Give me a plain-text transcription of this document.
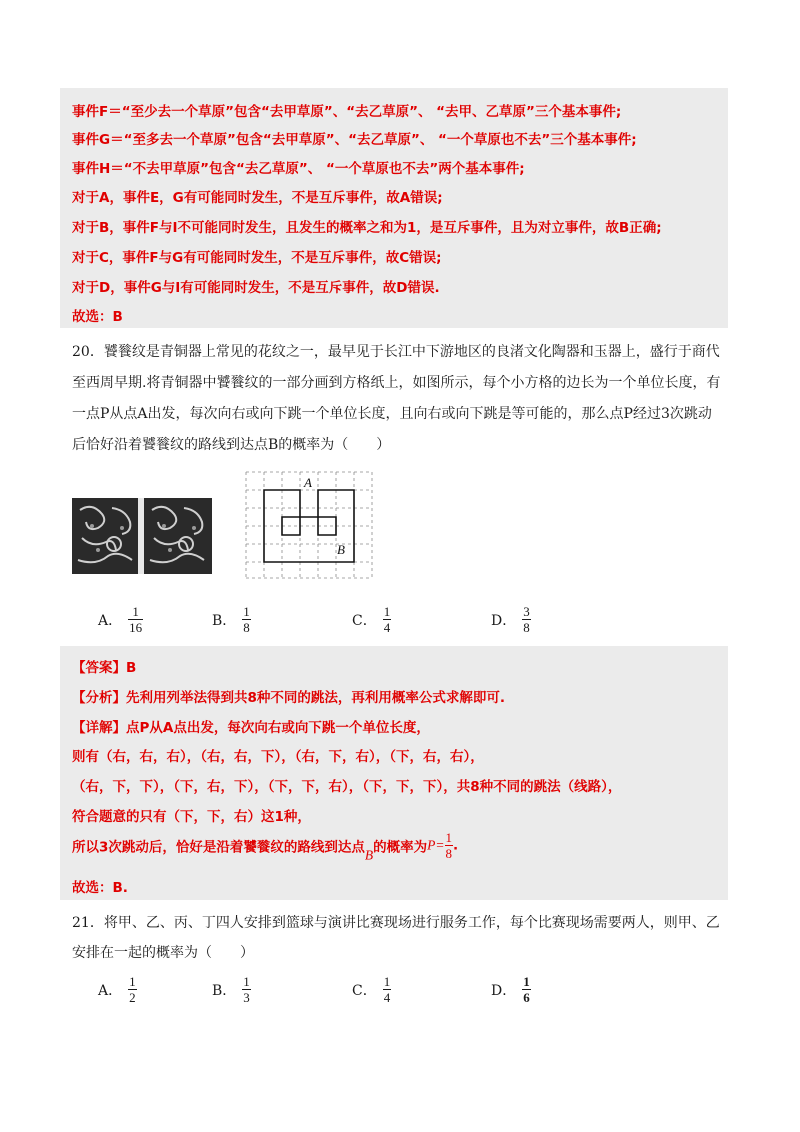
事件F＝“至少去一个草原”包含“去甲草原”、“去乙草原”、 “去甲、乙草原”三个基本事件;
事件G＝“至多去一个草原”包含“去甲草原”、“去乙草原”、 “一个草原也不去”三个基本事件;
事件H＝“不去甲草原”包含“去乙草原”、 “一个草原也不去”两个基本事件;
对于A，事件E，G有可能同时发生，不是互斥事件，故A错误;
对于B，事件F与I不可能同时发生，且发生的概率之和为1，是互斥事件，且为对立事件，故B正确;
对于C，事件F与G有可能同时发生，不是互斥事件，故C错误;
对于D，事件G与I有可能同时发生，不是互斥事件，故D错误.
故选：B
20．饕餮纹是青铜器上常见的花纹之一，最早见于长江中下游地区的良渚文化陶器和玉器上，盛行于商代至西周早期.将青铜器中饕餮纹的一部分画到方格纸上，如图所示，每个小方格的边长为一个单位长度，有一点P从点A出发，每次向右或向下跳一个单位长度，且向右或向下跳是等可能的，那么点P经过3次跳动后恰好沿着饕餮纹的路线到达点B的概率为（　　）
A
B
A． $\frac{1}{16}$	B． $\frac{1}{8}$	C． $\frac{1}{4}$	D． $\frac{3}{8}$
【答案】B
【分析】先利用列举法得到共8种不同的跳法，再利用概率公式求解即可.
【详解】点P从A点出发，每次向右或向下跳一个单位长度，
则有（右，右，右），（右，右，下），（右，下，右），（下，右，右），
（右，下，下），（下，右，下），（下，下，右），（下，下，下），共8种不同的跳法（线路），
符合题意的只有（下，下，右）这1种，
所以3次跳动后，恰好是沿着饕餮纹的路线到达点B的概率为$P= \frac{1}{8}$ .
故选：B.
21．将甲、乙、丙、丁四人安排到篮球与演讲比赛现场进行服务工作，每个比赛现场需要两人，则甲、乙
安排在一起的概率为（　　）
A． $\frac{1}{2}$	B． $\frac{1}{3}$	C． $\frac{1}{4}$	D． $\frac{1}{6}$
